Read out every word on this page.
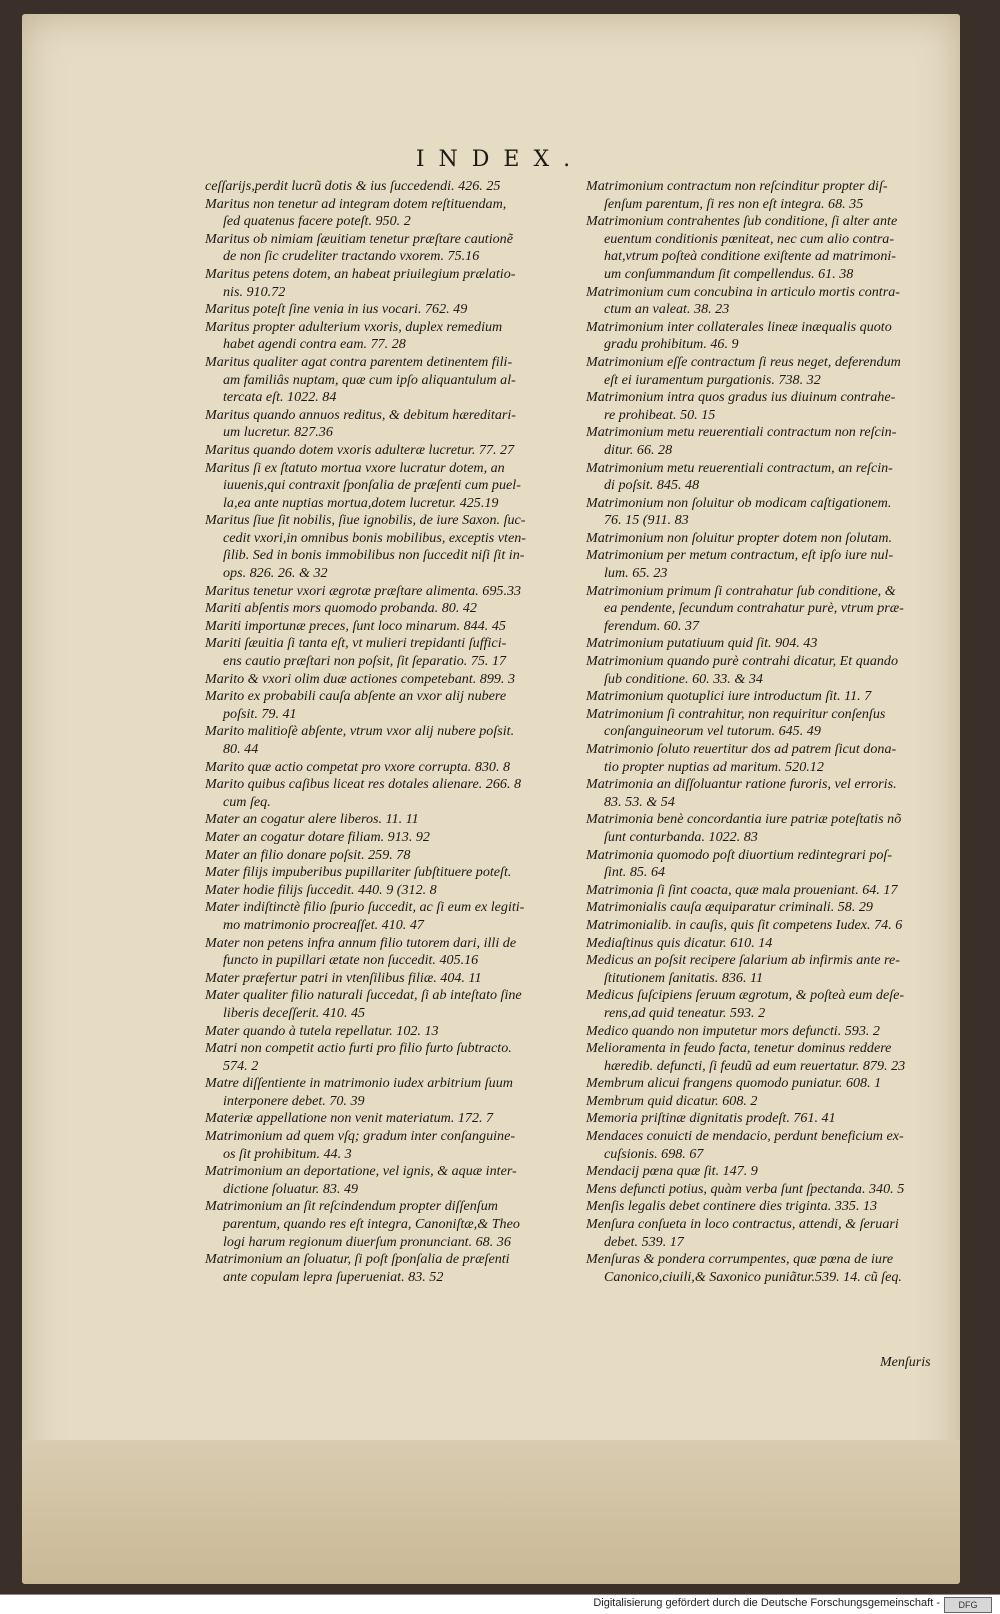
INDEX.
ceſſarijs,perdit lucrũ dotis & ius ſuccedendi. 426. 25
Maritus non tenetur ad integram dotem reſtituendam,
ſed quatenus facere poteſt. 950. 2
Maritus ob nimiam ſæuitiam tenetur præſtare cautionẽ
de non ſic crudeliter tractando vxorem. 75.16
Maritus petens dotem, an habeat priuilegium prælatio-
nis. 910.72
Maritus poteſt ſine venia in ius vocari. 762. 49
Maritus propter adulterium vxoris, duplex remedium
habet agendi contra eam. 77. 28
Maritus qualiter agat contra parentem detinentem fili-
am familiâs nuptam, quæ cum ipſo aliquantulum al-
tercata eſt. 1022. 84
Maritus quando annuos reditus, & debitum hæreditari-
um lucretur. 827.36
Maritus quando dotem vxoris adulteræ lucretur. 77. 27
Maritus ſi ex ſtatuto mortua vxore lucratur dotem, an
iuuenis,qui contraxit ſponſalia de præſenti cum puel-
la,ea ante nuptias mortua,dotem lucretur. 425.19
Maritus ſiue ſit nobilis, ſiue ignobilis, de iure Saxon. ſuc-
cedit vxori,in omnibus bonis mobilibus, exceptis vten-
ſilib. Sed in bonis immobilibus non ſuccedit niſi ſit in-
ops. 826. 26. & 32
Maritus tenetur vxori ægrotæ præſtare alimenta. 695.33
Mariti abſentis mors quomodo probanda. 80. 42
Mariti importunæ preces, ſunt loco minarum. 844. 45
Mariti ſæuitia ſi tanta eſt, vt mulieri trepidanti ſuffici-
ens cautio præſtari non poſsit, ſit ſeparatio. 75. 17
Marito & vxori olim duæ actiones competebant. 899. 3
Marito ex probabili cauſa abſente an vxor alij nubere
poſsit. 79. 41
Marito malitioſè abſente, vtrum vxor alij nubere poſsit.
80. 44
Marito quæ actio competat pro vxore corrupta. 830. 8
Marito quibus caſibus liceat res dotales alienare. 266. 8
cum ſeq.
Mater an cogatur alere liberos. 11. 11
Mater an cogatur dotare filiam. 913. 92
Mater an filio donare poſsit. 259. 78
Mater filijs impuberibus pupillariter ſubſtituere poteſt.
Mater hodie filijs ſuccedit. 440. 9 (312. 8
Mater indiſtinctè filio ſpurio ſuccedit, ac ſi eum ex legiti-
mo matrimonio procreaſſet. 410. 47
Mater non petens infra annum filio tutorem dari, illi de
functo in pupillari ætate non ſuccedit. 405.16
Mater præfertur patri in vtenſilibus filiæ. 404. 11
Mater qualiter filio naturali ſuccedat, ſi ab inteſtato ſine
liberis deceſſerit. 410. 45
Mater quando à tutela repellatur. 102. 13
Matri non competit actio furti pro filio furto ſubtracto.
574. 2
Matre diſſentiente in matrimonio iudex arbitrium ſuum
interponere debet. 70. 39
Materiæ appellatione non venit materiatum. 172. 7
Matrimonium ad quem vſq; gradum inter conſanguine-
os ſit prohibitum. 44. 3
Matrimonium an deportatione, vel ignis, & aquæ inter-
dictione ſoluatur. 83. 49
Matrimonium an ſit reſcindendum propter diſſenſum
parentum, quando res eſt integra, Canoniſtæ,& Theo
logi harum regionum diuerſum pronunciant. 68. 36
Matrimonium an ſoluatur, ſi poſt ſponſalia de præſenti
ante copulam lepra ſuperueniat. 83. 52
Matrimonium contractum non reſcinditur propter diſ-
ſenſum parentum, ſi res non eſt integra. 68. 35
Matrimonium contrahentes ſub conditione, ſi alter ante
euentum conditionis pœniteat, nec cum alio contra-
hat,vtrum poſteà conditione exiſtente ad matrimoni-
um conſummandum ſit compellendus. 61. 38
Matrimonium cum concubina in articulo mortis contra-
ctum an valeat. 38. 23
Matrimonium inter collaterales lineæ inæqualis quoto
gradu prohibitum. 46. 9
Matrimonium eſſe contractum ſi reus neget, deferendum
eſt ei iuramentum purgationis. 738. 32
Matrimonium intra quos gradus ius diuinum contrahe-
re prohibeat. 50. 15
Matrimonium metu reuerentiali contractum non reſcin-
ditur. 66. 28
Matrimonium metu reuerentiali contractum, an reſcin-
di poſsit. 845. 48
Matrimonium non ſoluitur ob modicam caſtigationem.
76. 15 (911. 83
Matrimonium non ſoluitur propter dotem non ſolutam.
Matrimonium per metum contractum, eſt ipſo iure nul-
lum. 65. 23
Matrimonium primum ſi contrahatur ſub conditione, &
ea pendente, ſecundum contrahatur purè, vtrum præ-
ferendum. 60. 37
Matrimonium putatiuum quid ſit. 904. 43
Matrimonium quando purè contrahi dicatur, Et quando
ſub conditione. 60. 33. & 34
Matrimonium quotuplici iure introductum ſit. 11. 7
Matrimonium ſi contrahitur, non requiritur conſenſus
conſanguineorum vel tutorum. 645. 49
Matrimonio ſoluto reuertitur dos ad patrem ſicut dona-
tio propter nuptias ad maritum. 520.12
Matrimonia an diſſoluantur ratione furoris, vel erroris.
83. 53. & 54
Matrimonia benè concordantia iure patriæ poteſtatis nõ
ſunt conturbanda. 1022. 83
Matrimonia quomodo poſt diuortium redintegrari poſ-
ſint. 85. 64
Matrimonia ſi ſint coacta, quæ mala proueniant. 64. 17
Matrimonialis cauſa æquiparatur criminali. 58. 29
Matrimonialib. in cauſis, quis ſit competens Iudex. 74. 6
Mediaſtinus quis dicatur. 610. 14
Medicus an poſsit recipere ſalarium ab infirmis ante re-
ſtitutionem ſanitatis. 836. 11
Medicus ſuſcipiens ſeruum ægrotum, & poſteà eum deſe-
rens,ad quid teneatur. 593. 2
Medico quando non imputetur mors defuncti. 593. 2
Melioramenta in feudo facta, tenetur dominus reddere
hæredib. defuncti, ſi feudũ ad eum reuertatur. 879. 23
Membrum alicui frangens quomodo puniatur. 608. 1
Membrum quid dicatur. 608. 2
Memoria priſtinæ dignitatis prodeſt. 761. 41
Mendaces conuicti de mendacio, perdunt beneficium ex-
cuſsionis. 698. 67
Mendacij pœna quæ ſit. 147. 9
Mens defuncti potius, quàm verba ſunt ſpectanda. 340. 5
Menſis legalis debet continere dies triginta. 335. 13
Menſura conſueta in loco contractus, attendi, & ſeruari
debet. 539. 17
Menſuras & pondera corrumpentes, quæ pœna de iure
Canonico,ciuili,& Saxonico puniãtur.539. 14. cũ ſeq.
Menſuris
Digitalisierung gefördert durch die Deutsche Forschungsgemeinschaft -	DFG
